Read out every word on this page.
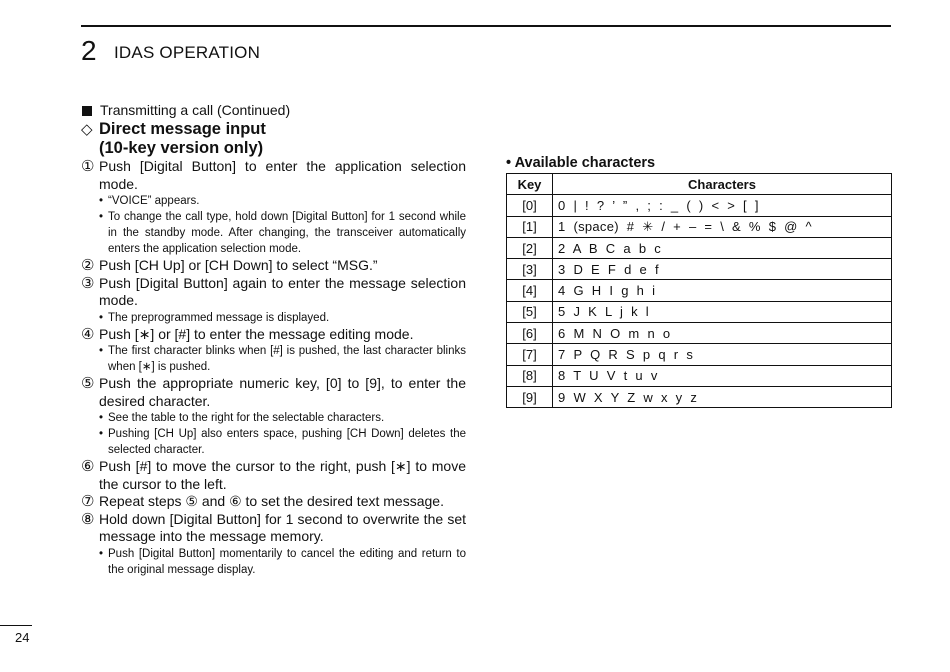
2 IDAS OPERATION
Transmitting a call (Continued)
◇ Direct message input
(10-key version only)
① Push [Digital Button] to enter the application selection mode.
• “VOICE” appears.
• To change the call type, hold down [Digital Button] for 1 second while in the standby mode. After changing, the transceiver automatically enters the application selection mode.
② Push [CH Up] or [CH Down] to select “MSG.”
③ Push [Digital Button] again to enter the message selection mode.
• The preprogrammed message is displayed.
④ Push [∗] or [#] to enter the message editing mode.
• The first character blinks when [#] is pushed, the last character blinks when [∗] is pushed.
⑤ Push the appropriate numeric key, [0] to [9], to enter the desired character.
• See the table to the right for the selectable characters.
• Pushing [CH Up] also enters space, pushing [CH Down] deletes the selected character.
⑥ Push [#] to move the cursor to the right, push [∗] to move the cursor to the left.
⑦ Repeat steps ⑤ and ⑥ to set the desired text message.
⑧ Hold down [Digital Button] for 1 second to overwrite the set message into the message memory.
• Push [Digital Button] momentarily to cancel the editing and return to the original message display.
• Available characters
Key	Characters
[0]	0 | ! ? ’ ” , ; : _ ( ) < > [ ]
[1]	1 (space) # ✳ / + – = \ & % $ @ ^
[2]	2 A B C a b c
[3]	3 D E F d e f
[4]	4 G H I g h i
[5]	5 J K L j k l
[6]	6 M N O m n o
[7]	7 P Q R S p q r s
[8]	8 T U V t u v
[9]	9 W X Y Z w x y z
24
